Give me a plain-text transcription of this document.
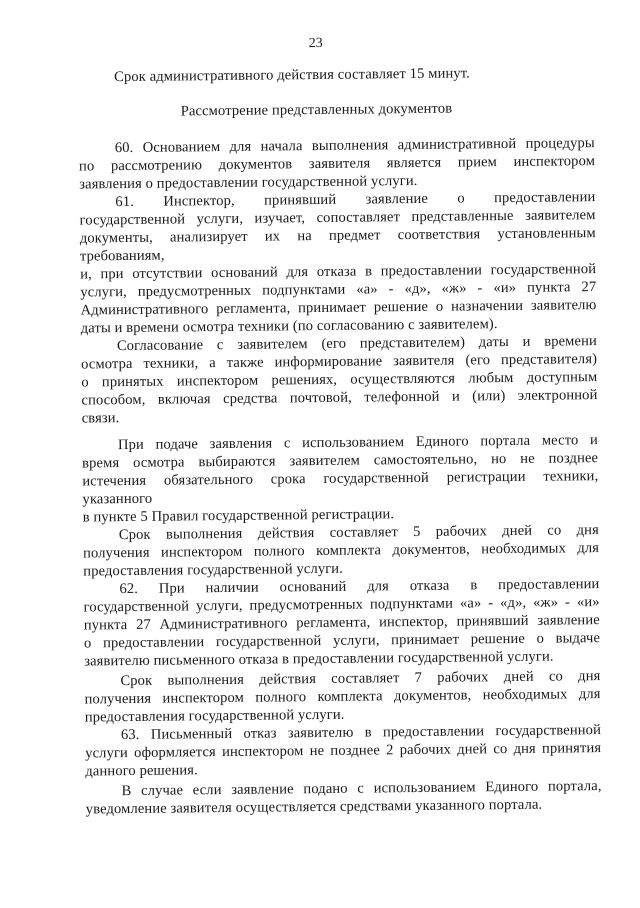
23
Срок административного действия составляет 15 минут.
Рассмотрение представленных документов
60. Основанием для начала выполнения административной процедуры
по рассмотрению документов заявителя является прием инспектором
заявления о предоставлении государственной услуги.
61. Инспектор, принявший заявление о предоставлении
государственной услуги, изучает, сопоставляет представленные заявителем
документы, анализирует их на предмет соответствия установленным
требованиям,
и, при отсутствии оснований для отказа в предоставлении государственной
услуги, предусмотренных подпунктами «а» - «д», «ж» - «и» пункта 27
Административного регламента, принимает решение о назначении заявителю
даты и времени осмотра техники (по согласованию с заявителем).
Согласование с заявителем (его представителем) даты и времени
осмотра техники, а также информирование заявителя (его представителя)
о принятых инспектором решениях, осуществляются любым доступным
способом, включая средства почтовой, телефонной и (или) электронной
связи.
При подаче заявления с использованием Единого портала место и
время осмотра выбираются заявителем самостоятельно, но не позднее
истечения обязательного срока государственной регистрации техники,
указанного
в пункте 5 Правил государственной регистрации.
Срок выполнения действия составляет 5 рабочих дней со дня
получения инспектором полного комплекта документов, необходимых для
предоставления государственной услуги.
62. При наличии оснований для отказа в предоставлении
государственной услуги, предусмотренных подпунктами «а» - «д», «ж» - «и»
пункта 27 Административного регламента, инспектор, принявший заявление
о предоставлении государственной услуги, принимает решение о выдаче
заявителю письменного отказа в предоставлении государственной услуги.
Срок выполнения действия составляет 7 рабочих дней со дня
получения инспектором полного комплекта документов, необходимых для
предоставления государственной услуги.
63. Письменный отказ заявителю в предоставлении государственной
услуги оформляется инспектором не позднее 2 рабочих дней со дня принятия
данного решения.
В случае если заявление подано с использованием Единого портала,
уведомление заявителя осуществляется средствами указанного портала.
